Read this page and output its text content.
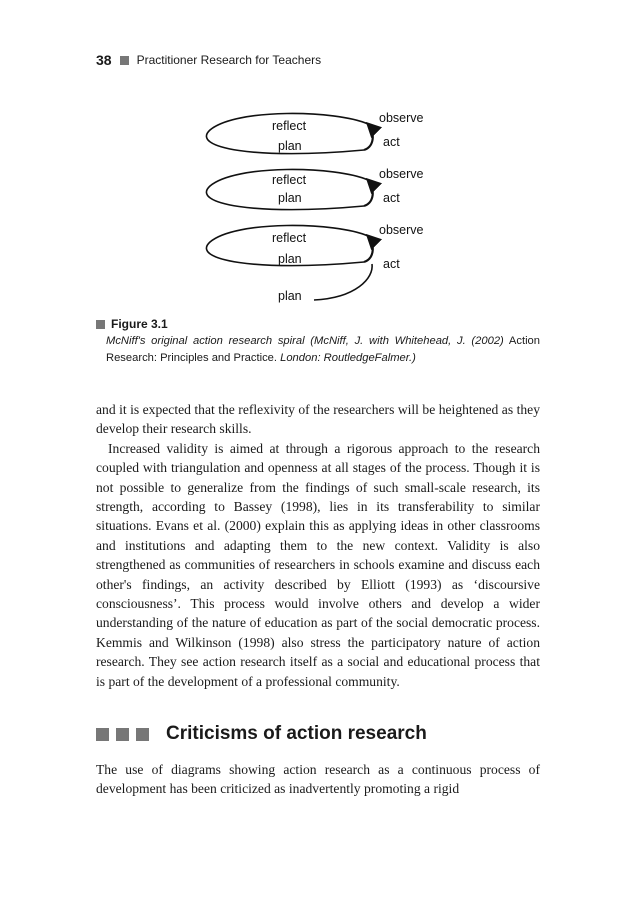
38 Practitioner Research for Teachers
reflect
plan
observe
act
reflect
plan
observe
act
reflect
plan
observe
act
plan
Figure 3.1
McNiff's original action research spiral (McNiff, J. with Whitehead, J. (2002) Action Research: Principles and Practice. London: RoutledgeFalmer.)

and it is expected that the reflexivity of the researchers will be heightened as they develop their research skills.

Increased validity is aimed at through a rigorous approach to the research coupled with triangulation and openness at all stages of the process. Though it is not possible to generalize from the findings of such small-scale research, its strength, according to Bassey (1998), lies in its transferability to similar situations. Evans et al. (2000) explain this as applying ideas in other classrooms and institutions and adapting them to the new context. Validity is also strengthened as communities of researchers in schools examine and discuss each other's findings, an activity described by Elliott (1993) as ‘discoursive consciousness’. This process would involve others and develop a wider understanding of the nature of education as part of the social democratic process. Kemmis and Wilkinson (1998) also stress the participatory nature of action research. They see action research itself as a social and educational process that is part of the development of a professional community.

Criticisms of action research

The use of diagrams showing action research as a continuous process of development has been criticized as inadvertently promoting a rigid
